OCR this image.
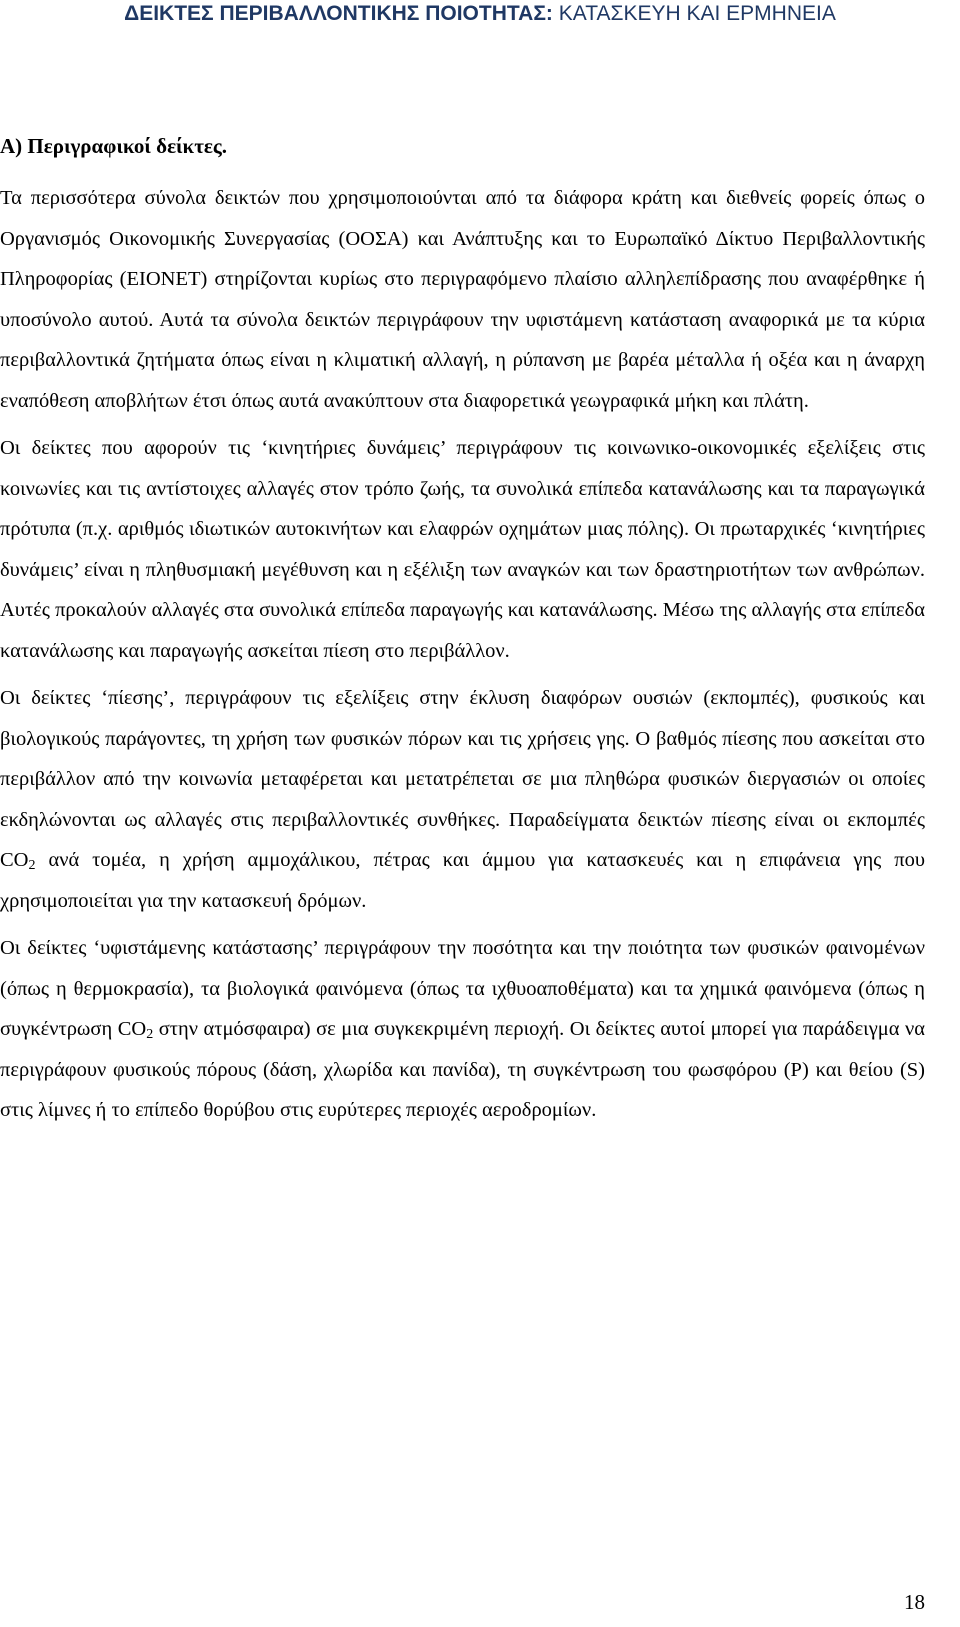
ΔΕΙΚΤΕΣ ΠΕΡΙΒΑΛΛΟΝΤΙΚΗΣ ΠΟΙΟΤΗΤΑΣ: ΚΑΤΑΣΚΕΥΗ ΚΑΙ ΕΡΜΗΝΕΙΑ
Α) Περιγραφικοί δείκτες.

Τα περισσότερα σύνολα δεικτών που χρησιμοποιούνται από τα διάφορα κράτη και διεθνείς φορείς όπως ο Οργανισμός Οικονομικής Συνεργασίας (ΟΟΣΑ) και Ανάπτυξης και το Ευρωπαϊκό Δίκτυο Περιβαλλοντικής Πληροφορίας (EIONET) στηρίζονται κυρίως στο περιγραφόμενο πλαίσιο αλληλεπίδρασης που αναφέρθηκε ή υποσύνολο αυτού. Αυτά τα σύνολα δεικτών περιγράφουν την υφιστάμενη κατάσταση αναφορικά με τα κύρια περιβαλλοντικά ζητήματα όπως είναι η κλιματική αλλαγή, η ρύπανση με βαρέα μέταλλα ή οξέα και η άναρχη εναπόθεση αποβλήτων έτσι όπως αυτά ανακύπτουν στα διαφορετικά γεωγραφικά μήκη και πλάτη.

Οι δείκτες που αφορούν τις ‘κινητήριες δυνάμεις’ περιγράφουν τις κοινωνικο-οικονομικές εξελίξεις στις κοινωνίες και τις αντίστοιχες αλλαγές στον τρόπο ζωής, τα συνολικά επίπεδα κατανάλωσης και τα παραγωγικά πρότυπα (π.χ. αριθμός ιδιωτικών αυτοκινήτων και ελαφρών οχημάτων μιας πόλης). Οι πρωταρχικές ‘κινητήριες δυνάμεις’ είναι η πληθυσμιακή μεγέθυνση και η εξέλιξη των αναγκών και των δραστηριοτήτων των ανθρώπων. Αυτές προκαλούν αλλαγές στα συνολικά επίπεδα παραγωγής και κατανάλωσης. Μέσω της αλλαγής στα επίπεδα κατανάλωσης και παραγωγής ασκείται πίεση στο περιβάλλον.

Οι δείκτες ‘πίεσης’, περιγράφουν τις εξελίξεις στην έκλυση διαφόρων ουσιών (εκπομπές), φυσικούς και βιολογικούς παράγοντες, τη χρήση των φυσικών πόρων και τις χρήσεις γης. Ο βαθμός πίεσης που ασκείται στο περιβάλλον από την κοινωνία μεταφέρεται και μετατρέπεται σε μια πληθώρα φυσικών διεργασιών οι οποίες εκδηλώνονται ως αλλαγές στις περιβαλλοντικές συνθήκες. Παραδείγματα δεικτών πίεσης είναι οι εκπομπές $CO_2$ ανά τομέα, η χρήση αμμοχάλικου, πέτρας και άμμου για κατασκευές και η επιφάνεια γης που χρησιμοποιείται για την κατασκευή δρόμων.

Οι δείκτες ‘υφιστάμενης κατάστασης’ περιγράφουν την ποσότητα και την ποιότητα των φυσικών φαινομένων (όπως η θερμοκρασία), τα βιολογικά φαινόμενα (όπως τα ιχθυοαποθέματα) και τα χημικά φαινόμενα (όπως η συγκέντρωση $CO_2$ στην ατμόσφαιρα) σε μια συγκεκριμένη περιοχή. Οι δείκτες αυτοί μπορεί για παράδειγμα να περιγράφουν φυσικούς πόρους (δάση, χλωρίδα και πανίδα), τη συγκέντρωση του φωσφόρου (P) και θείου (S) στις λίμνες ή το επίπεδο θορύβου στις ευρύτερες περιοχές αεροδρομίων.

18
